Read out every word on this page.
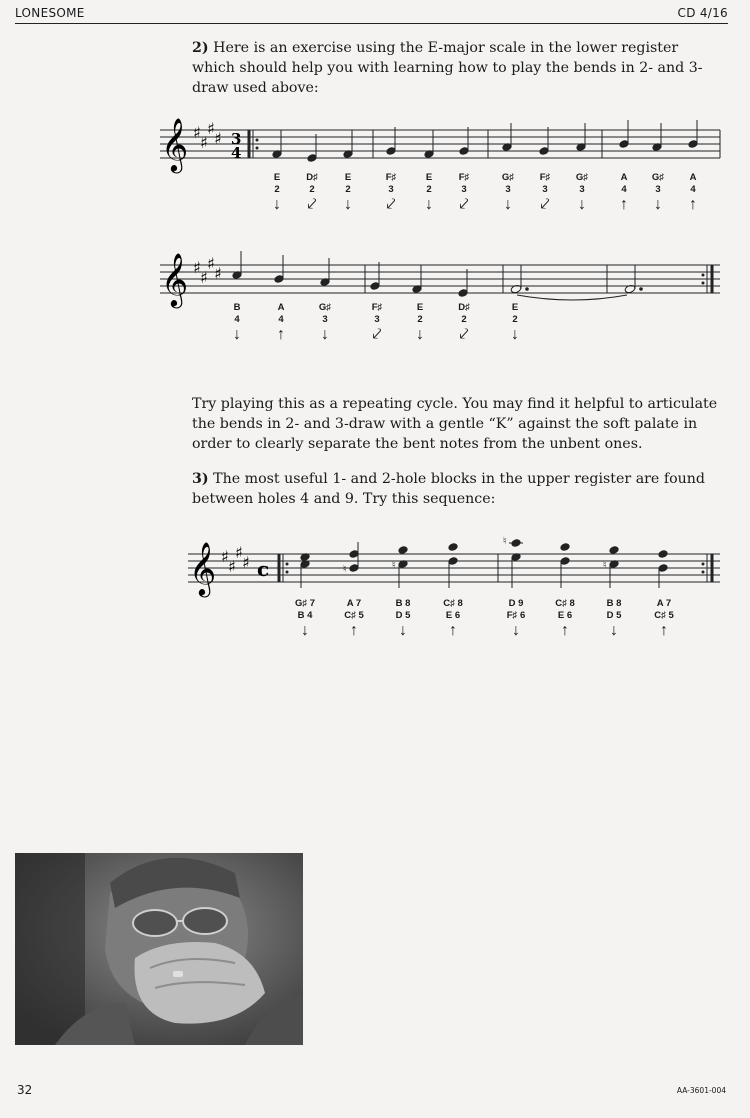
LONESOME	CD 4/16

2) Here is an exercise using the E-major scale in the lower register which should help you with learning how to play the bends in 2- and 3-draw used above:

𝄞 ♯
♯
♯
♯ 3
4
E
2
↓
D♯
2
⤦
E
2
↓
F♯
3
⤦
E
2
↓
F♯
3
⤦
G♯
3
↓
F♯
3
⤦
G♯
3
↓
A
4
↑
G♯
3
↓
A
4
↑
𝄞 ♯
♯
♯
♯
B
4
↓
A
4
↑
G♯
3
↓
F♯
3
⤦
E
2
↓
D♯
2
⤦
E
2
↓

Try playing this as a repeating cycle. You may find it helpful to articulate the bends in 2- and 3-draw with a gentle “K” against the soft palate in order to clearly separate the bent notes from the unbent ones.

3) The most useful 1- and 2-hole blocks in the upper register are found between holes 4 and 9. Try this sequence:

𝄞 ♯
♯
♯
♯ c	♮	♮
♮
♮
G♯ 7
B 4
↓
A 7
C♯ 5
↑
B 8
D 5
↓
C♯ 8
E 6
↑
D 9
F♯ 6
↓
C♯ 8
E 6
↑
B 8
D 5
↓
A 7
C♯ 5
↑
32	AA-3601-004
